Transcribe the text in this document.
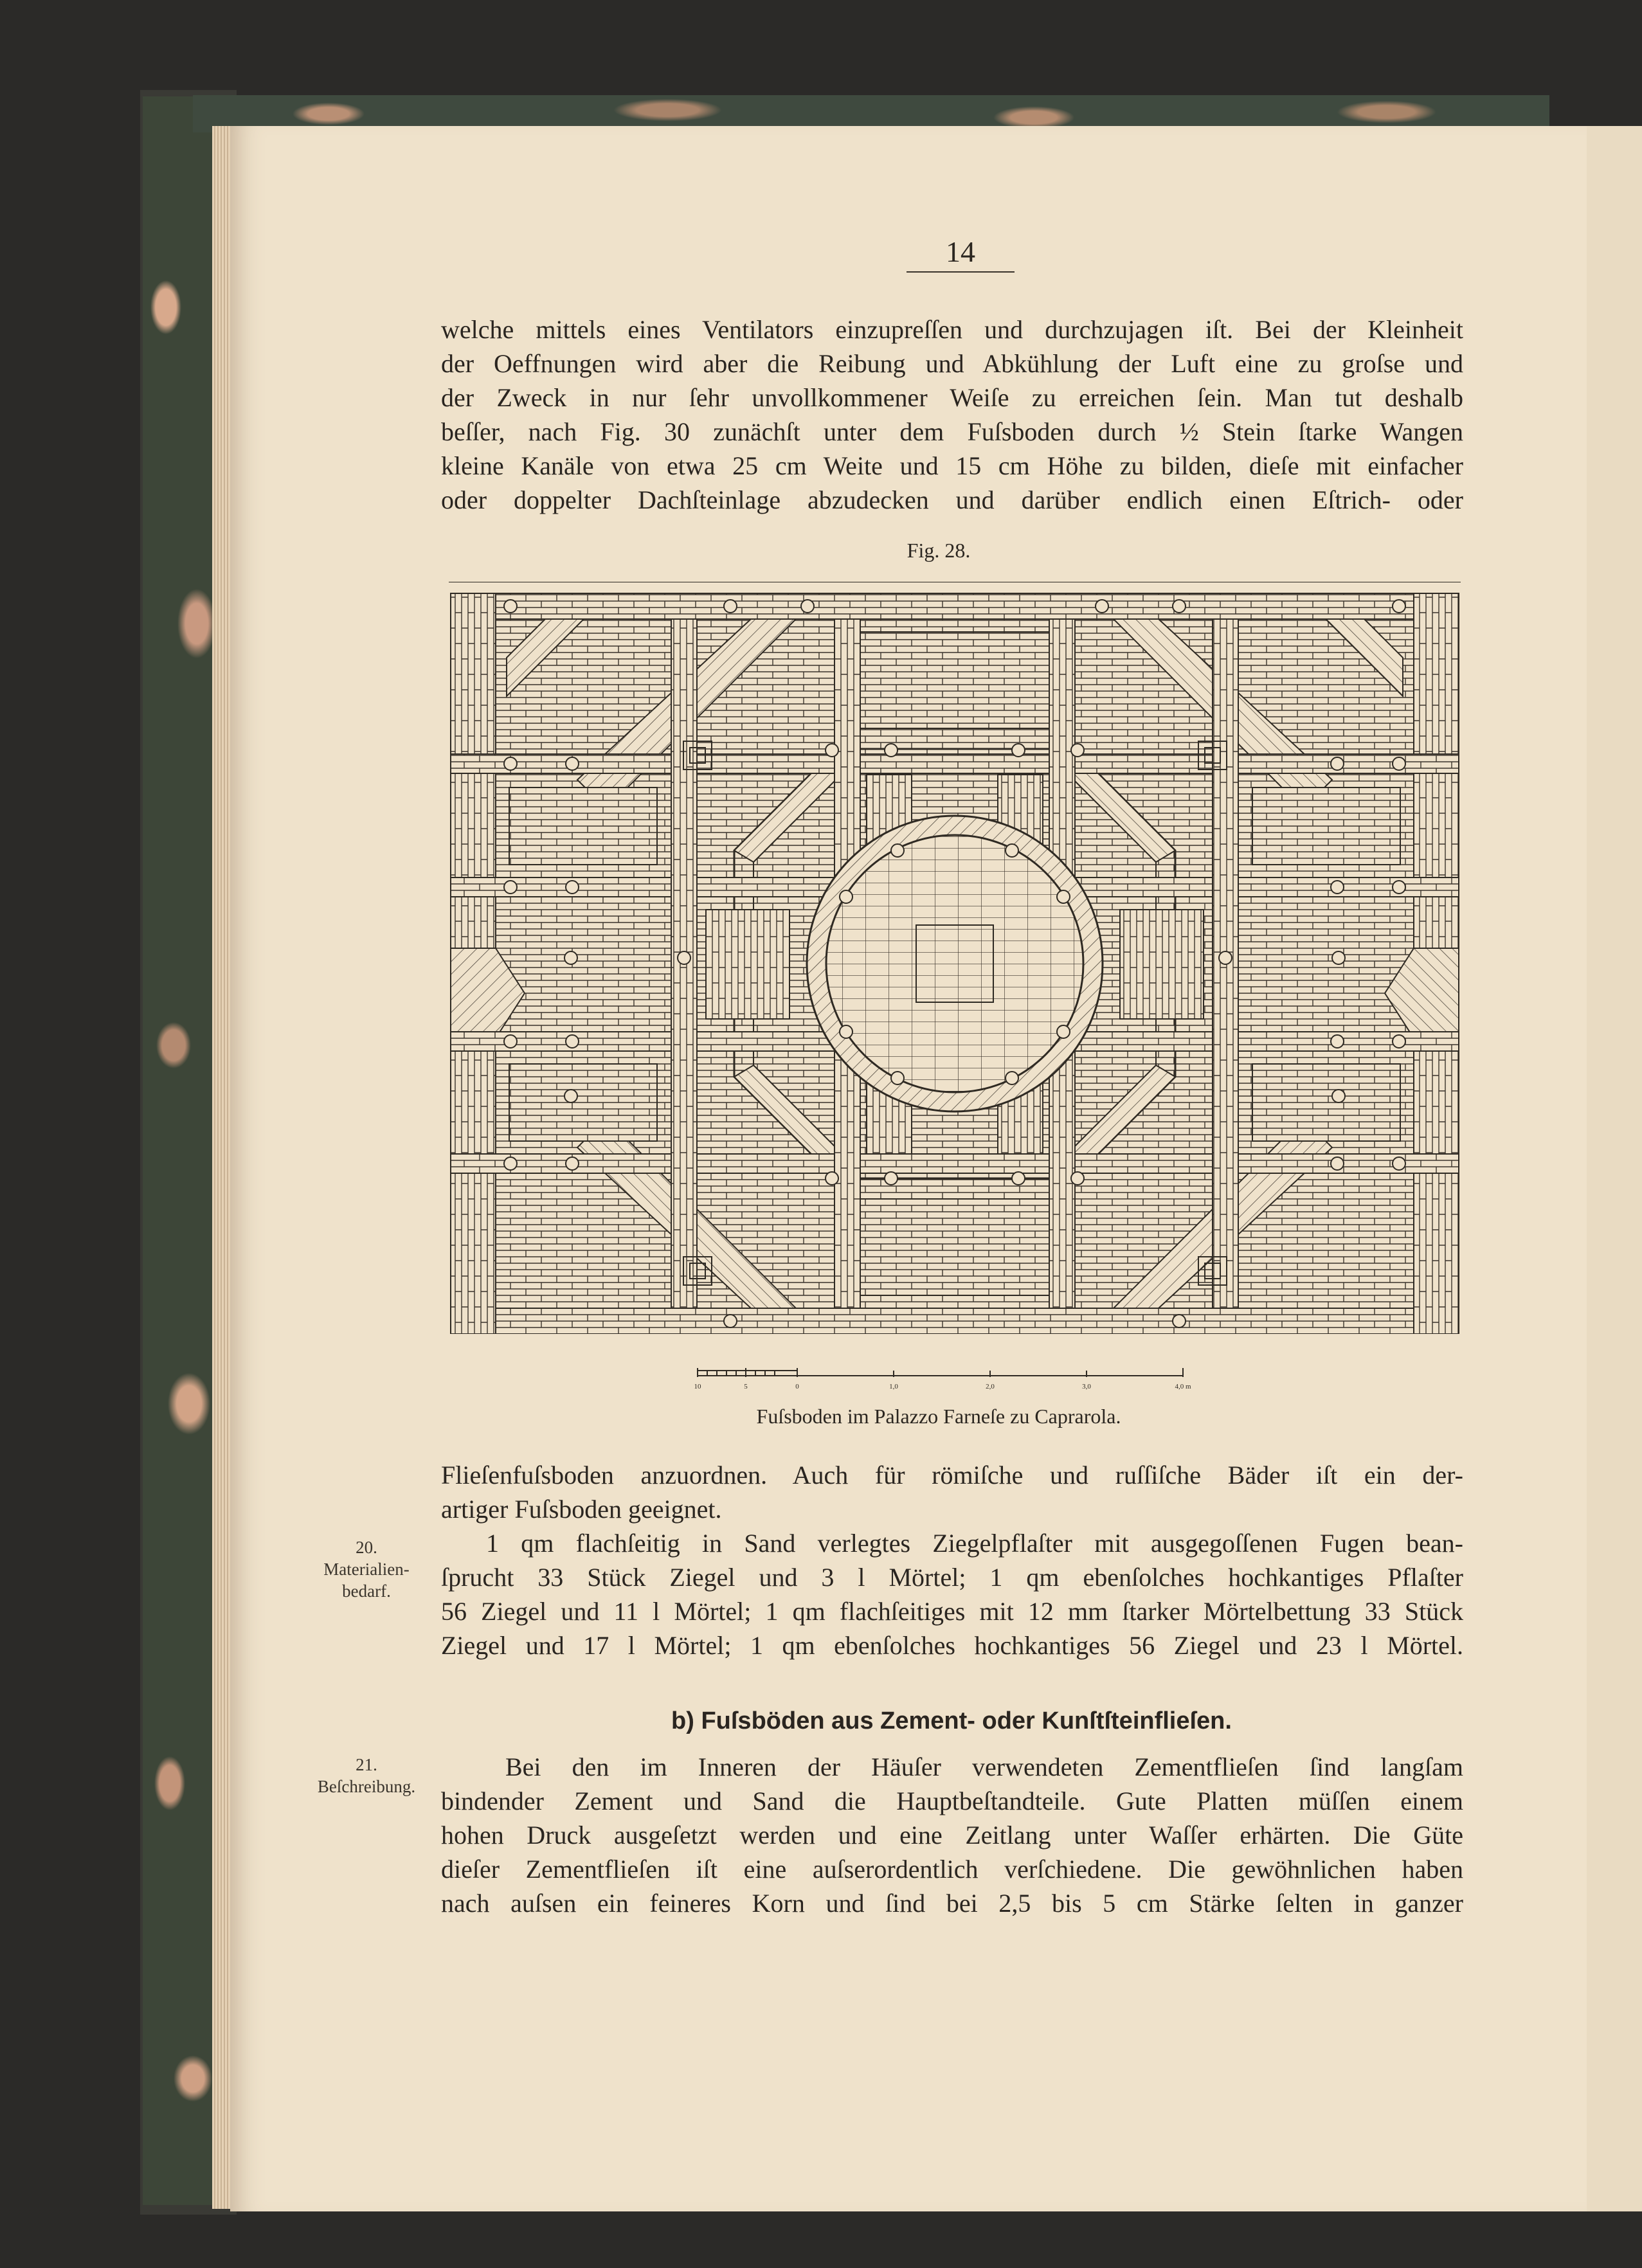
14
welche mittels eines Ventilators einzupreſſen und durchzujagen iſt. Bei der Kleinheit
der Oeffnungen wird aber die Reibung und Abkühlung der Luft eine zu groſse und
der Zweck in nur ſehr unvollkommener Weiſe zu erreichen ſein. Man tut deshalb
beſſer, nach Fig. 30 zunächſt unter dem Fuſsboden durch ½ Stein ſtarke Wangen
kleine Kanäle von etwa 25 cm Weite und 15 cm Höhe zu bilden, dieſe mit einfacher
oder doppelter Dachſteinlage abzudecken und darüber endlich einen Eſtrich- oder
Fig. 28.
10	5	0	1,0	2,0	3,0	4,0 m
Fuſsboden im Palazzo Farneſe zu Caprarola.
Flieſenfuſsboden anzuordnen. Auch für römiſche und ruſſiſche Bäder iſt ein der-
artiger Fuſsboden geeignet.
20.
Materialien-
bedarf.
1 qm flachſeitig in Sand verlegtes Ziegelpflaſter mit ausgegoſſenen Fugen bean-
ſprucht 33 Stück Ziegel und 3 l Mörtel; 1 qm ebenſolches hochkantiges Pflaſter
56 Ziegel und 11 l Mörtel; 1 qm flachſeitiges mit 12 mm ſtarker Mörtelbettung 33 Stück
Ziegel und 17 l Mörtel; 1 qm ebenſolches hochkantiges 56 Ziegel und 23 l Mörtel.
b) Fuſsböden aus Zement- oder Kunſtſteinflieſen.
21.
Beſchreibung.
Bei den im Inneren der Häuſer verwendeten Zementflieſen ſind langſam
bindender Zement und Sand die Hauptbeſtandteile. Gute Platten müſſen einem
hohen Druck ausgeſetzt werden und eine Zeitlang unter Waſſer erhärten. Die Güte
dieſer Zementflieſen iſt eine auſserordentlich verſchiedene. Die gewöhnlichen haben
nach auſsen ein feineres Korn und ſind bei 2,5 bis 5 cm Stärke ſelten in ganzer
